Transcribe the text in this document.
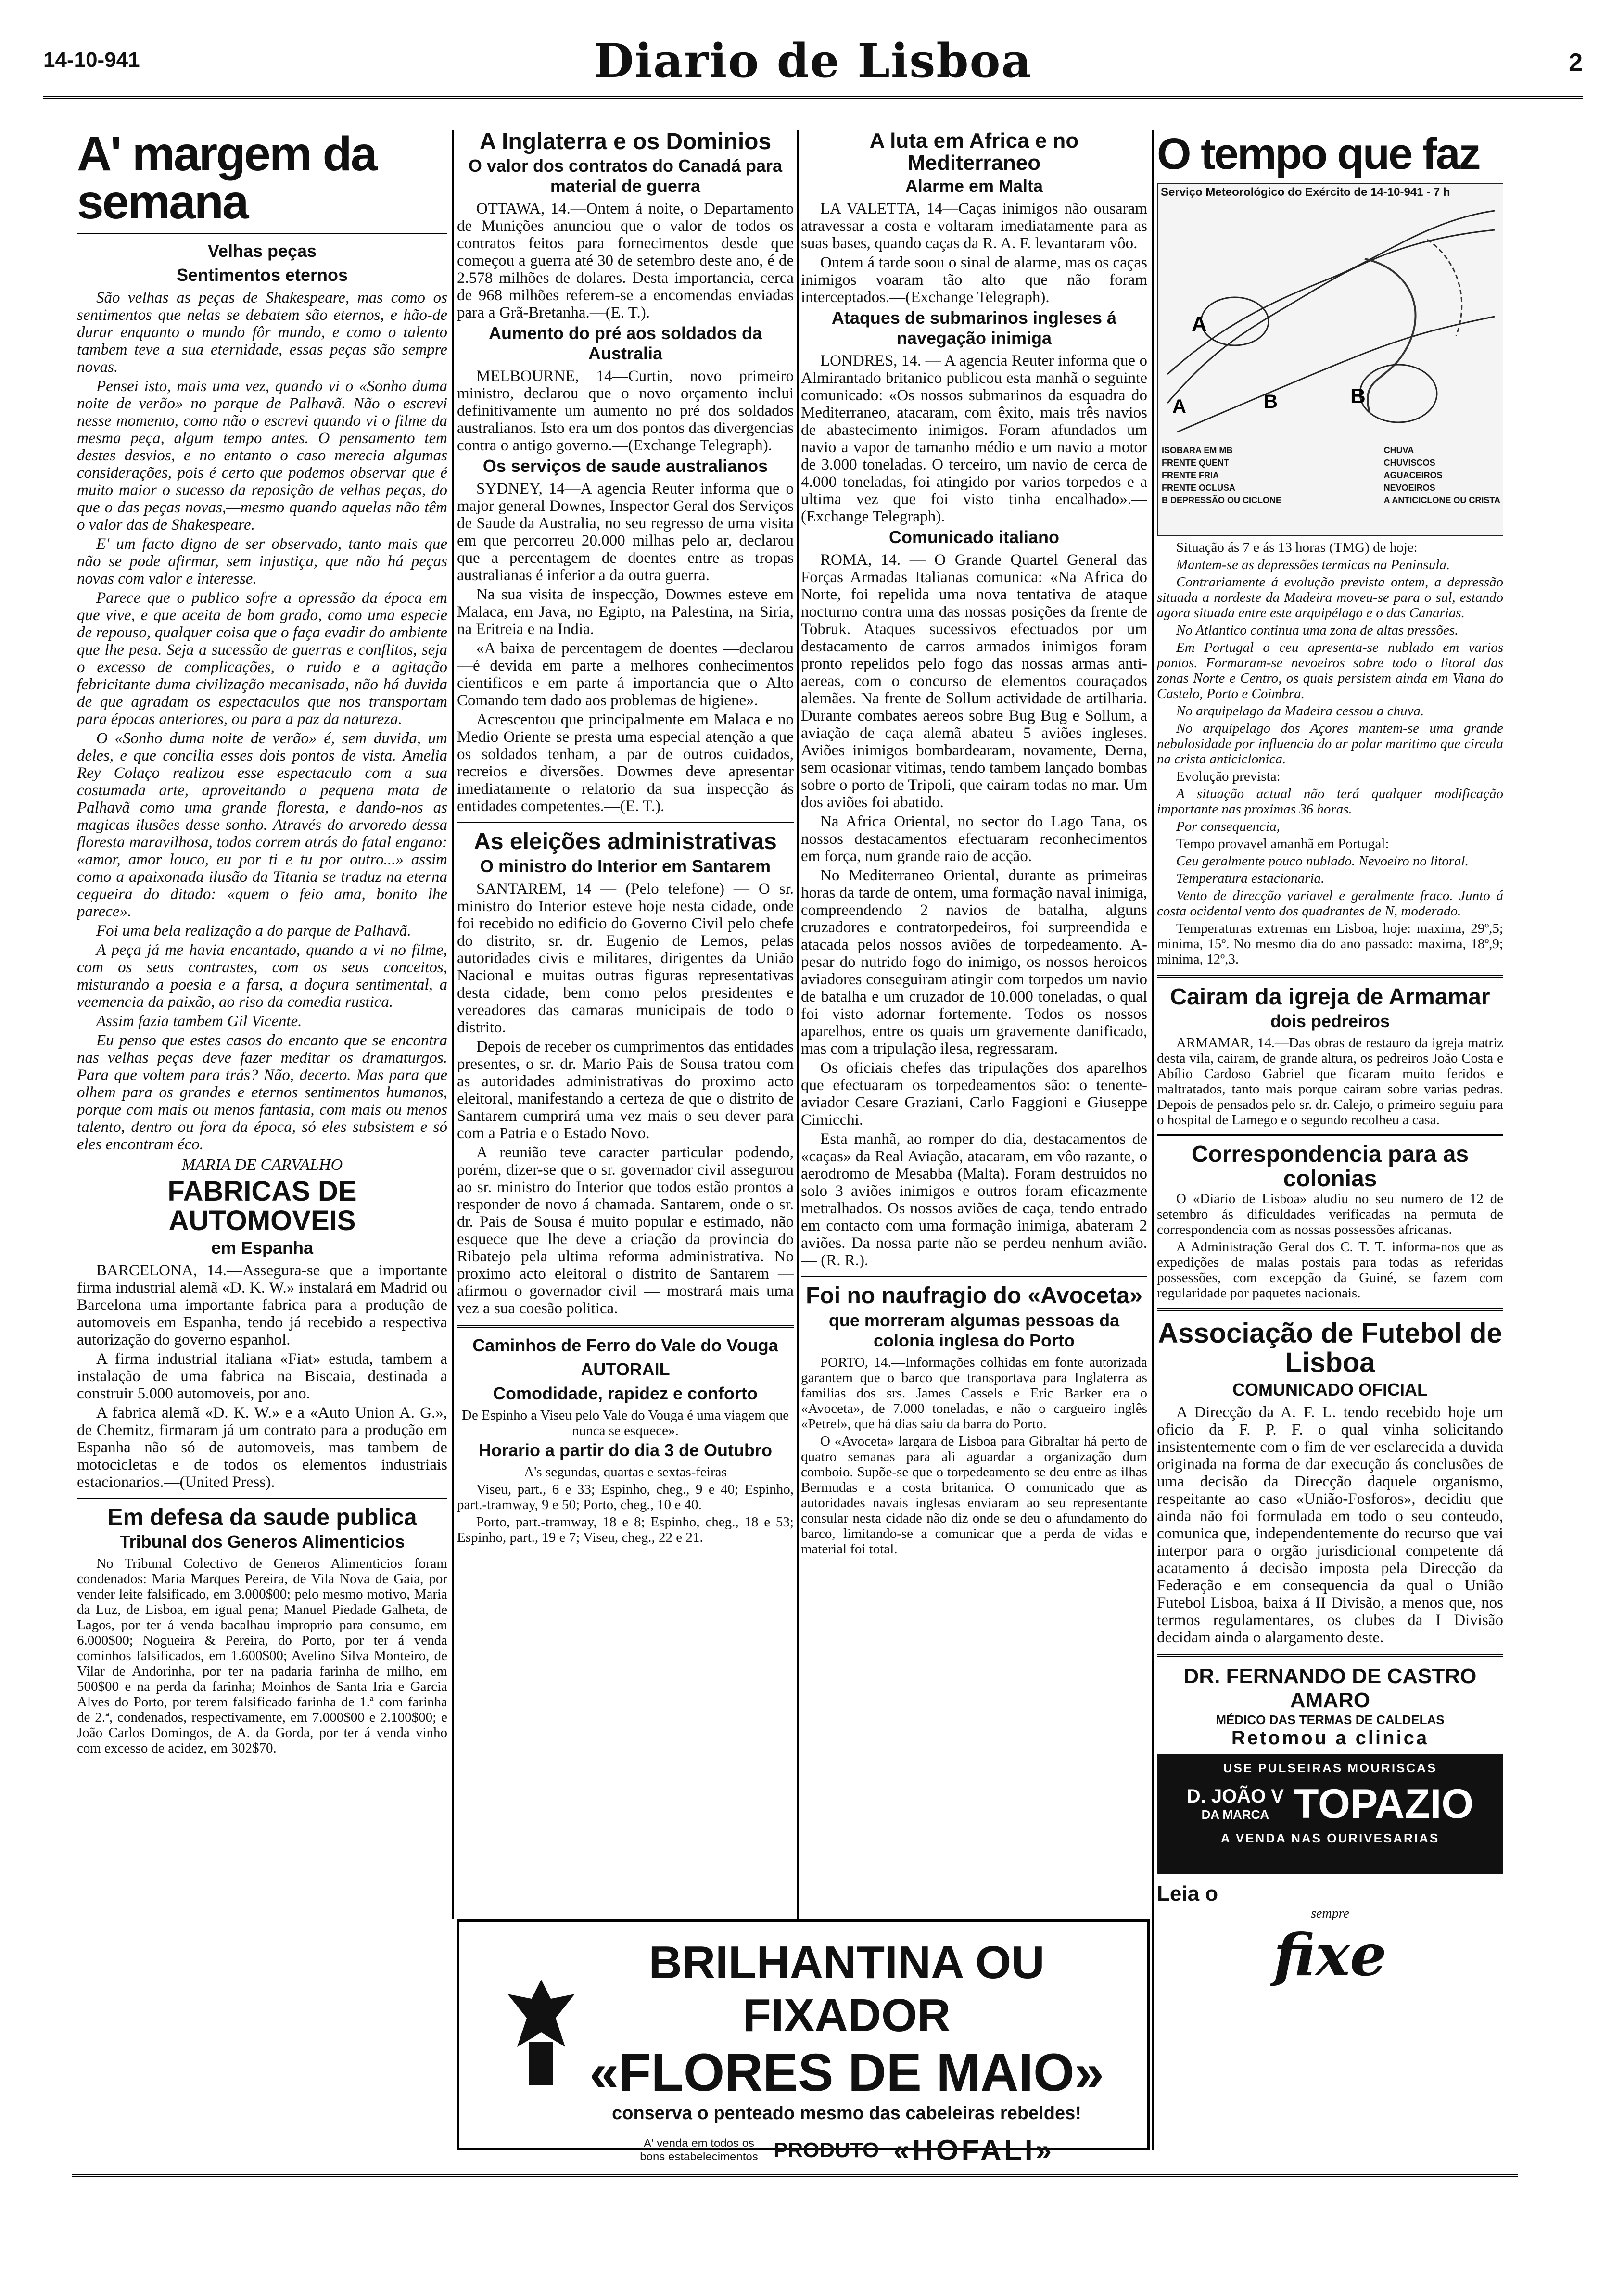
14-10-941	Diario de Lisboa	2
A' margem da semana
Velhas peças
Sentimentos eternos

São velhas as peças de Shakespeare, mas como os sentimentos que nelas se debatem são eternos, e hão-de durar enquanto o mundo fôr mundo, e como o talento tambem teve a sua eternidade, essas peças são sempre novas.

Pensei isto, mais uma vez, quando vi o «Sonho duma noite de verão» no parque de Palhavã. Não o escrevi nesse momento, como não o escrevi quando vi o filme da mesma peça, algum tempo antes. O pensamento tem destes desvios, e no entanto o caso merecia algumas considerações, pois é certo que podemos observar que é muito maior o sucesso da reposição de velhas peças, do que o das peças novas,—mesmo quando aquelas não têm o valor das de Shakespeare.

E' um facto digno de ser observado, tanto mais que não se pode afirmar, sem injustiça, que não há peças novas com valor e interesse.

Parece que o publico sofre a opressão da época em que vive, e que aceita de bom grado, como uma especie de repouso, qualquer coisa que o faça evadir do ambiente que lhe pesa. Seja a sucessão de guerras e conflitos, seja o excesso de complicações, o ruido e a agitação febricitante duma civilização mecanisada, não há duvida de que agradam os espectaculos que nos transportam para épocas anteriores, ou para a paz da natureza.

O «Sonho duma noite de verão» é, sem duvida, um deles, e que concilia esses dois pontos de vista. Amelia Rey Colaço realizou esse espectaculo com a sua costumada arte, aproveitando a pequena mata de Palhavã como uma grande floresta, e dando-nos as magicas ilusões desse sonho. Através do arvoredo dessa floresta maravilhosa, todos correm atrás do fatal engano: «amor, amor louco, eu por ti e tu por outro...» assim como a apaixonada ilusão da Titania se traduz na eterna cegueira do ditado: «quem o feio ama, bonito lhe parece».

Foi uma bela realização a do parque de Palhavã.

A peça já me havia encantado, quando a vi no filme, com os seus contrastes, com os seus conceitos, misturando a poesia e a farsa, a doçura sentimental, a veemencia da paixão, ao riso da comedia rustica.

Assim fazia tambem Gil Vicente.

Eu penso que estes casos do encanto que se encontra nas velhas peças deve fazer meditar os dramaturgos. Para que voltem para trás? Não, decerto. Mas para que olhem para os grandes e eternos sentimentos humanos, porque com mais ou menos fantasia, com mais ou menos talento, dentro ou fora da época, só eles subsistem e só eles encontram éco.

MARIA DE CARVALHO
FABRICAS DE AUTOMOVEIS
em Espanha

BARCELONA, 14.—Assegura-se que a importante firma industrial alemã «D. K. W.» instalará em Madrid ou Barcelona uma importante fabrica para a produção de automoveis em Espanha, tendo já recebido a respectiva autorização do governo espanhol.

A firma industrial italiana «Fiat» estuda, tambem a instalação de uma fabrica na Biscaia, destinada a construir 5.000 automoveis, por ano.

A fabrica alemã «D. K. W.» e a «Auto Union A. G.», de Chemitz, firmaram já um contrato para a produção em Espanha não só de automoveis, mas tambem de motocicletas e de todos os elementos industriais estacionarios.—(United Press).

Em defesa da saude publica
Tribunal dos Generos Alimenticios

No Tribunal Colectivo de Generos Alimenticios foram condenados: Maria Marques Pereira, de Vila Nova de Gaia, por vender leite falsificado, em 3.000$00; pelo mesmo motivo, Maria da Luz, de Lisboa, em igual pena; Manuel Piedade Galheta, de Lagos, por ter á venda bacalhau improprio para consumo, em 6.000$00; Nogueira & Pereira, do Porto, por ter á venda cominhos falsificados, em 1.600$00; Avelino Silva Monteiro, de Vilar de Andorinha, por ter na padaria farinha de milho, em 500$00 e na perda da farinha; Moinhos de Santa Iria e Garcia Alves do Porto, por terem falsificado farinha de 1.ª com farinha de 2.ª, condenados, respectivamente, em 7.000$00 e 2.100$00; e João Carlos Domingos, de A. da Gorda, por ter á venda vinho com excesso de acidez, em 302$70.

A Inglaterra e os Dominios
O valor dos contratos do Canadá para material de guerra

OTTAWA, 14.—Ontem á noite, o Departamento de Munições anunciou que o valor de todos os contratos feitos para fornecimentos desde que começou a guerra até 30 de setembro deste ano, é de 2.578 milhões de dolares. Desta importancia, cerca de 968 milhões referem-se a encomendas enviadas para a Grã-Bretanha.—(E. T.).

Aumento do pré aos soldados da Australia

MELBOURNE, 14—Curtin, novo primeiro ministro, declarou que o novo orçamento inclui definitivamente um aumento no pré dos soldados australianos. Isto era um dos pontos das divergencias contra o antigo governo.—(Exchange Telegraph).

Os serviços de saude australianos

SYDNEY, 14—A agencia Reuter informa que o major general Downes, Inspector Geral dos Serviços de Saude da Australia, no seu regresso de uma visita em que percorreu 20.000 milhas pelo ar, declarou que a percentagem de doentes entre as tropas australianas é inferior a da outra guerra.

Na sua visita de inspecção, Dowmes esteve em Malaca, em Java, no Egipto, na Palestina, na Siria, na Eritreia e na India.

«A baixa de percentagem de doentes —declarou—é devida em parte a melhores conhecimentos cientificos e em parte á importancia que o Alto Comando tem dado aos problemas de higiene».

Acrescentou que principalmente em Malaca e no Medio Oriente se presta uma especial atenção a que os soldados tenham, a par de outros cuidados, recreios e diversões. Dowmes deve apresentar imediatamente o relatorio da sua inspecção ás entidades competentes.—(E. T.).

As eleições administrativas
O ministro do Interior em Santarem

SANTAREM, 14 — (Pelo telefone) — O sr. ministro do Interior esteve hoje nesta cidade, onde foi recebido no edificio do Governo Civil pelo chefe do distrito, sr. dr. Eugenio de Lemos, pelas autoridades civis e militares, dirigentes da União Nacional e muitas outras figuras representativas desta cidade, bem como pelos presidentes e vereadores das camaras municipais de todo o distrito.

Depois de receber os cumprimentos das entidades presentes, o sr. dr. Mario Pais de Sousa tratou com as autoridades administrativas do proximo acto eleitoral, manifestando a certeza de que o distrito de Santarem cumprirá uma vez mais o seu dever para com a Patria e o Estado Novo.

A reunião teve caracter particular podendo, porém, dizer-se que o sr. governador civil assegurou ao sr. ministro do Interior que todos estão prontos a responder de novo á chamada. Santarem, onde o sr. dr. Pais de Sousa é muito popular e estimado, não esquece que lhe deve a criação da provincia do Ribatejo pela ultima reforma administrativa. No proximo acto eleitoral o distrito de Santarem — afirmou o governador civil — mostrará mais uma vez a sua coesão politica.

Caminhos de Ferro do Vale do Vouga
AUTORAIL
Comodidade, rapidez e conforto

De Espinho a Viseu pelo Vale do Vouga é uma viagem que nunca se esquece».

Horario a partir do dia 3 de Outubro

A's segundas, quartas e sextas-feiras

Viseu, part., 6 e 33; Espinho, cheg., 9 e 40; Espinho, part.-tramway, 9 e 50; Porto, cheg., 10 e 40.

Porto, part.-tramway, 18 e 8; Espinho, cheg., 18 e 53; Espinho, part., 19 e 7; Viseu, cheg., 22 e 21.

A luta em Africa e no Mediterraneo
Alarme em Malta

LA VALETTA, 14—Caças inimigos não ousaram atravessar a costa e voltaram imediatamente para as suas bases, quando caças da R. A. F. levantaram vôo.

Ontem á tarde soou o sinal de alarme, mas os caças inimigos voaram tão alto que não foram interceptados.—(Exchange Telegraph).

Ataques de submarinos ingleses á navegação inimiga

LONDRES, 14. — A agencia Reuter informa que o Almirantado britanico publicou esta manhã o seguinte comunicado: «Os nossos submarinos da esquadra do Mediterraneo, atacaram, com êxito, mais três navios de abastecimento inimigos. Foram afundados um navio a vapor de tamanho médio e um navio a motor de 3.000 toneladas. O terceiro, um navio de cerca de 4.000 toneladas, foi atingido por varios torpedos e a ultima vez que foi visto tinha encalhado».—(Exchange Telegraph).

Comunicado italiano

ROMA, 14. — O Grande Quartel General das Forças Armadas Italianas comunica: «Na Africa do Norte, foi repelida uma nova tentativa de ataque nocturno contra uma das nossas posições da frente de Tobruk. Ataques sucessivos efectuados por um destacamento de carros armados inimigos foram pronto repelidos pelo fogo das nossas armas anti-aereas, com o concurso de elementos couraçados alemães. Na frente de Sollum actividade de artilharia. Durante combates aereos sobre Bug Bug e Sollum, a aviação de caça alemã abateu 5 aviões ingleses. Aviões inimigos bombardearam, novamente, Derna, sem ocasionar vitimas, tendo tambem lançado bombas sobre o porto de Tripoli, que cairam todas no mar. Um dos aviões foi abatido.

Na Africa Oriental, no sector do Lago Tana, os nossos destacamentos efectuaram reconhecimentos em força, num grande raio de acção.

No Mediterraneo Oriental, durante as primeiras horas da tarde de ontem, uma formação naval inimiga, compreendendo 2 navios de batalha, alguns cruzadores e contratorpedeiros, foi surpreendida e atacada pelos nossos aviões de torpedeamento. A-pesar do nutrido fogo do inimigo, os nossos heroicos aviadores conseguiram atingir com torpedos um navio de batalha e um cruzador de 10.000 toneladas, o qual foi visto adornar fortemente. Todos os nossos aparelhos, entre os quais um gravemente danificado, mas com a tripulação ilesa, regressaram.

Os oficiais chefes das tripulações dos aparelhos que efectuaram os torpedeamentos são: o tenente-aviador Cesare Graziani, Carlo Faggioni e Giuseppe Cimicchi.

Esta manhã, ao romper do dia, destacamentos de «caças» da Real Aviação, atacaram, em vôo razante, o aerodromo de Mesabba (Malta). Foram destruidos no solo 3 aviões inimigos e outros foram eficazmente metralhados. Os nossos aviões de caça, tendo entrado em contacto com uma formação inimiga, abateram 2 aviões. Da nossa parte não se perdeu nenhum avião. — (R. R.).

Foi no naufragio do «Avoceta»
que morreram algumas pessoas da colonia inglesa do Porto

PORTO, 14.—Informações colhidas em fonte autorizada garantem que o barco que transportava para Inglaterra as familias dos srs. James Cassels e Eric Barker era o «Avoceta», de 7.000 toneladas, e não o cargueiro inglês «Petrel», que há dias saiu da barra do Porto.

O «Avoceta» largara de Lisboa para Gibraltar há perto de quatro semanas para ali aguardar a organização dum comboio. Supõe-se que o torpedeamento se deu entre as ilhas Bermudas e a costa britanica. O comunicado que as autoridades navais inglesas enviaram ao seu representante consular nesta cidade não diz onde se deu o afundamento do barco, limitando-se a comunicar que a perda de vidas e material foi total.

O tempo que faz
Serviço Meteorológico do Exército de 14-10-941 - 7 h
A
B
A	B
ISOBARA EM MB
FRENTE QUENT
FRENTE FRIA
FRENTE OCLUSA
B DEPRESSÃO OU CICLONE
CHUVA
CHUVISCOS
AGUACEIROS
NEVOEIROS
A ANTICICLONE OU CRISTA

Situação ás 7 e ás 13 horas (TMG) de hoje:

Mantem-se as depressões termicas na Peninsula.

Contrariamente á evolução prevista ontem, a depressão situada a nordeste da Madeira moveu-se para o sul, estando agora situada entre este arquipélago e o das Canarias.

No Atlantico continua uma zona de altas pressões.

Em Portugal o ceu apresenta-se nublado em varios pontos. Formaram-se nevoeiros sobre todo o litoral das zonas Norte e Centro, os quais persistem ainda em Viana do Castelo, Porto e Coimbra.

No arquipelago da Madeira cessou a chuva.

No arquipelago dos Açores mantem-se uma grande nebulosidade por influencia do ar polar maritimo que circula na crista anticiclonica.

Evolução prevista:

A situação actual não terá qualquer modificação importante nas proximas 36 horas.

Por consequencia,

Tempo provavel amanhã em Portugal:

Ceu geralmente pouco nublado. Nevoeiro no litoral.

Temperatura estacionaria.

Vento de direcção variavel e geralmente fraco. Junto á costa ocidental vento dos quadrantes de N, moderado.

Temperaturas extremas em Lisboa, hoje: maxima, 29º,5; minima, 15º. No mesmo dia do ano passado: maxima, 18º,9; minima, 12º,3.

Cairam da igreja de Armamar
dois pedreiros

ARMAMAR, 14.—Das obras de restauro da igreja matriz desta vila, cairam, de grande altura, os pedreiros João Costa e Abílio Cardoso Gabriel que ficaram muito feridos e maltratados, tanto mais porque cairam sobre varias pedras. Depois de pensados pelo sr. dr. Calejo, o primeiro seguiu para o hospital de Lamego e o segundo recolheu a casa.

Correspondencia para as colonias

O «Diario de Lisboa» aludiu no seu numero de 12 de setembro ás dificuldades verificadas na permuta de correspondencia com as nossas possessões africanas.

A Administração Geral dos C. T. T. informa-nos que as expedições de malas postais para todas as referidas possessões, com excepção da Guiné, se fazem com regularidade por paquetes nacionais.

Associação de Futebol de Lisboa
COMUNICADO OFICIAL

A Direcção da A. F. L. tendo recebido hoje um oficio da F. P. F. o qual vinha solicitando insistentemente com o fim de ver esclarecida a duvida originada na forma de dar execução ás conclusões de uma decisão da Direcção daquele organismo, respeitante ao caso «União-Fosforos», decidiu que ainda não foi formulada em todo o seu conteudo, comunica que, independentemente do recurso que vai interpor para o orgão jurisdicional competente dá acatamento á decisão imposta pela Direcção da Federação e em consequencia da qual o União Futebol Lisboa, baixa á II Divisão, a menos que, nos termos regulamentares, os clubes da I Divisão decidam ainda o alargamento deste.

DR. FERNANDO DE CASTRO AMARO
MÉDICO DAS TERMAS DE CALDELAS
Retomou a clinica
USE PULSEIRAS MOURISCAS
D. JOÃO V
DA MARCA TOPAZIO
A VENDA NAS OURIVESARIAS
Leia o
sempre
fixe
BRILHANTINA OU FIXADOR
«FLORES DE MAIO»
conserva o penteado mesmo das cabeleiras rebeldes!
A' venda em todos os bons estabelecimentos PRODUTO «HOFALI»
